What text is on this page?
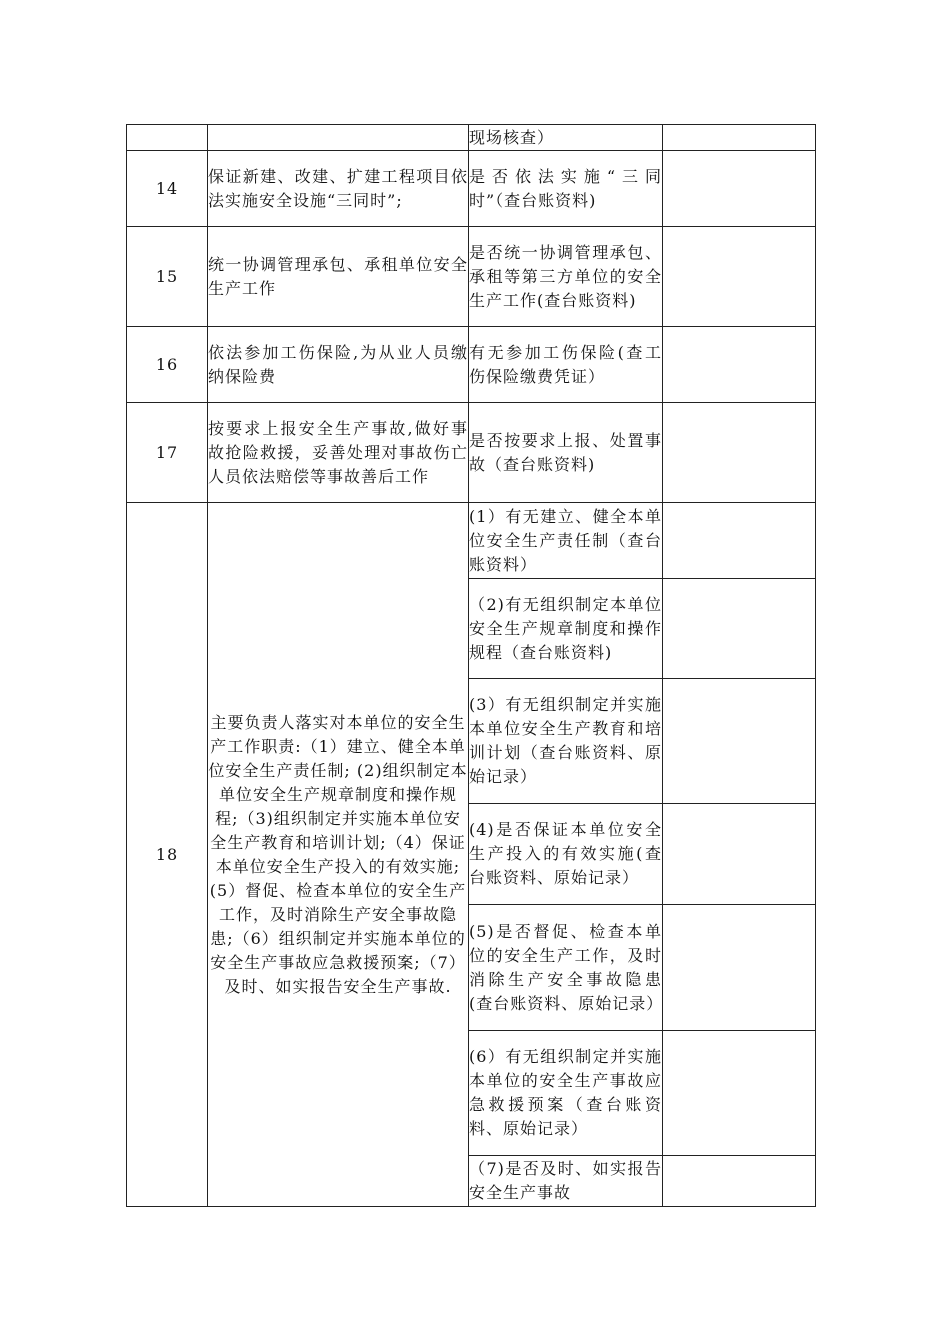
		现场核查）	
14	保证新建、改建、扩建工程项目依法实施安全设施“三同时”;	是否依法实施“三同时”（查台账资料)	
15	统一协调管理承包、承租单位安全生产工作	是否统一协调管理承包、承租等第三方单位的安全生产工作(查台账资料)	
16	依法参加工伤保险,为从业人员缴纳保险费	有无参加工伤保险(查工伤保险缴费凭证）	
17	按要求上报安全生产事故,做好事故抢险救援，妥善处理对事故伤亡人员依法赔偿等事故善后工作	是否按要求上报、处置事故（查台账资料)	
18	主要负责人落实对本单位的安全生产工作职责:（1）建立、健全本单位安全生产责任制; (2)组织制定本单位安全生产规章制度和操作规程;（3)组织制定并实施本单位安全生产教育和培训计划;（4）保证本单位安全生产投入的有效实施; (5）督促、检查本单位的安全生产工作，及时消除生产安全事故隐患;（6）组织制定并实施本单位的安全生产事故应急救援预案;（7）及时、如实报告安全生产事故.	(1）有无建立、健全本单位安全生产责任制（查台账资料）	
		（2)有无组织制定本单位安全生产规章制度和操作规程（查台账资料)	
		(3）有无组织制定并实施本单位安全生产教育和培训计划（查台账资料、原始记录）	
		(4)是否保证本单位安全生产投入的有效实施(查台账资料、原始记录）	
		(5)是否督促、检查本单位的安全生产工作，及时消除生产安全事故隐患(查台账资料、原始记录）	
		(6）有无组织制定并实施本单位的安全生产事故应急救援预案（查台账资料、原始记录）	
		（7)是否及时、如实报告安全生产事故	
